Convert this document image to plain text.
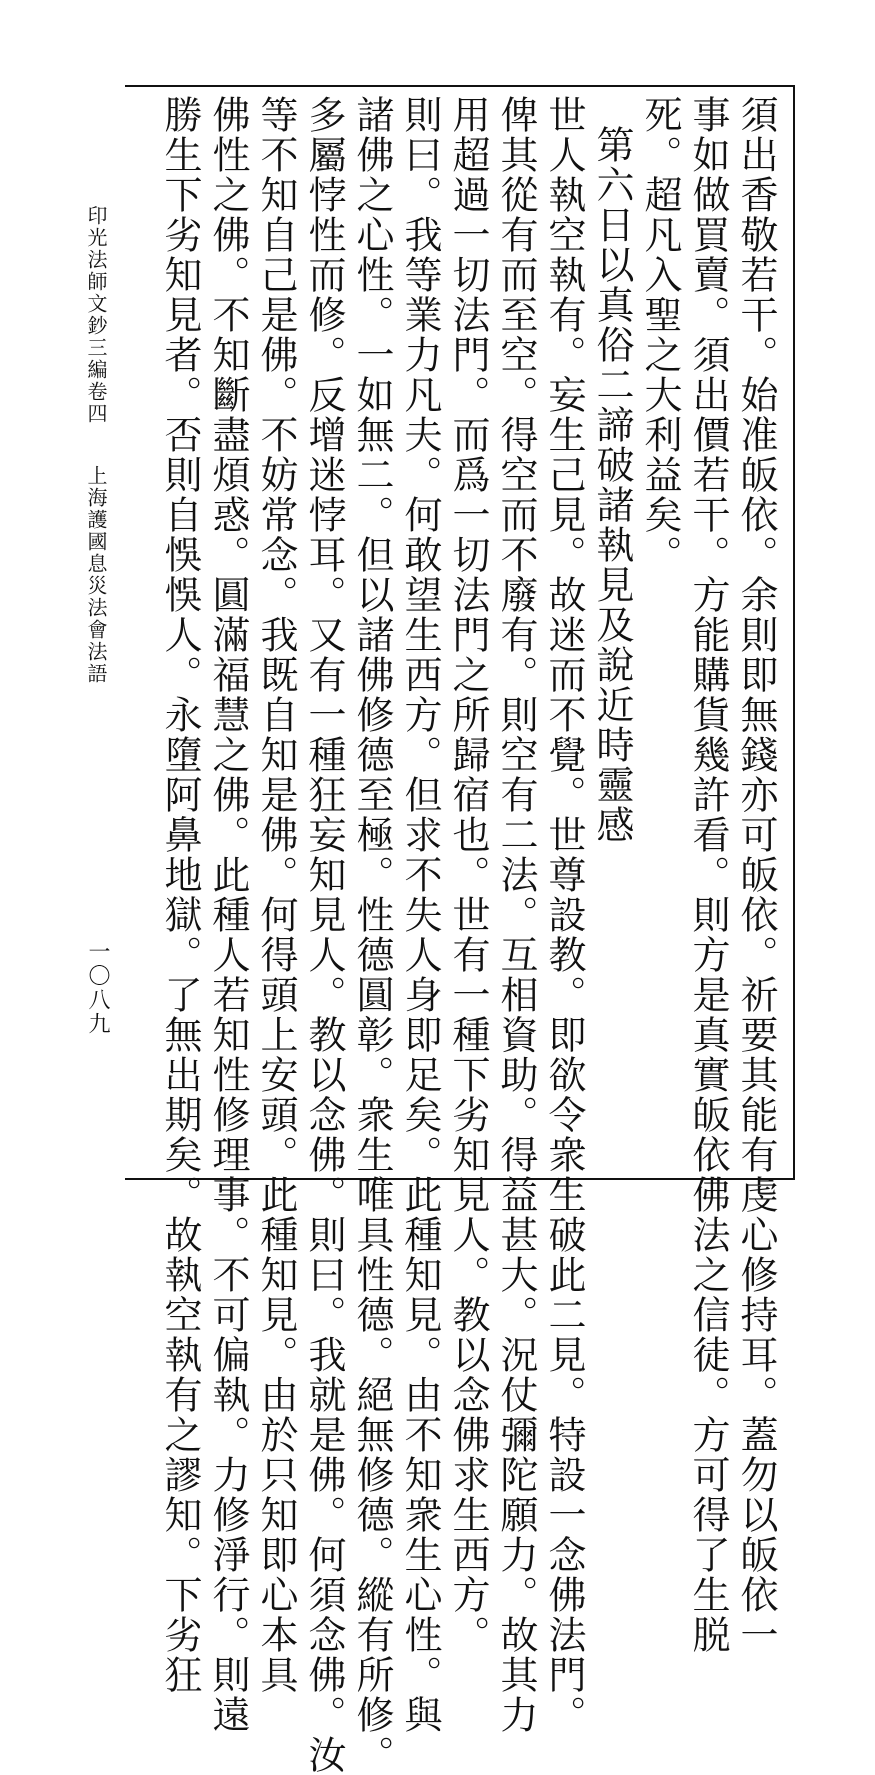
須出香敬若干。始准皈依。余則即無錢亦可皈依。祈要其能有虔心修持耳。蓋勿以皈依一
事如做買賣。須出價若干。方能購貨幾許看。則方是真實皈依佛法之信徒。方可得了生脱
死。超凡入聖之大利益矣。
第六日以真俗二諦破諸執見及說近時靈感
世人執空執有。妄生己見。故迷而不覺。世尊設教。即欲令衆生破此二見。特設一念佛法門。
俾其從有而至空。得空而不廢有。則空有二法。互相資助。得益甚大。況仗彌陀願力。故其力
用超過一切法門。而爲一切法門之所歸宿也。世有一種下劣知見人。教以念佛求生西方。
則曰。我等業力凡夫。何敢望生西方。但求不失人身即足矣。此種知見。由不知衆生心性。與
諸佛之心性。一如無二。但以諸佛修德至極。性德圓彰。衆生唯具性德。絕無修德。縱有所修。
多屬悖性而修。反增迷悖耳。又有一種狂妄知見人。教以念佛。則曰。我就是佛。何須念佛。汝
等不知自己是佛。不妨常念。我既自知是佛。何得頭上安頭。此種知見。由於只知即心本具
佛性之佛。不知斷盡煩惑。圓滿福慧之佛。此種人若知性修理事。不可偏執。力修淨行。則遠
勝生下劣知見者。否則自悞悞人。永墮阿鼻地獄。了無出期矣。故執空執有之謬知。下劣狂
印光法師文鈔三編卷四
上海護國息災法會法語
一〇八九
